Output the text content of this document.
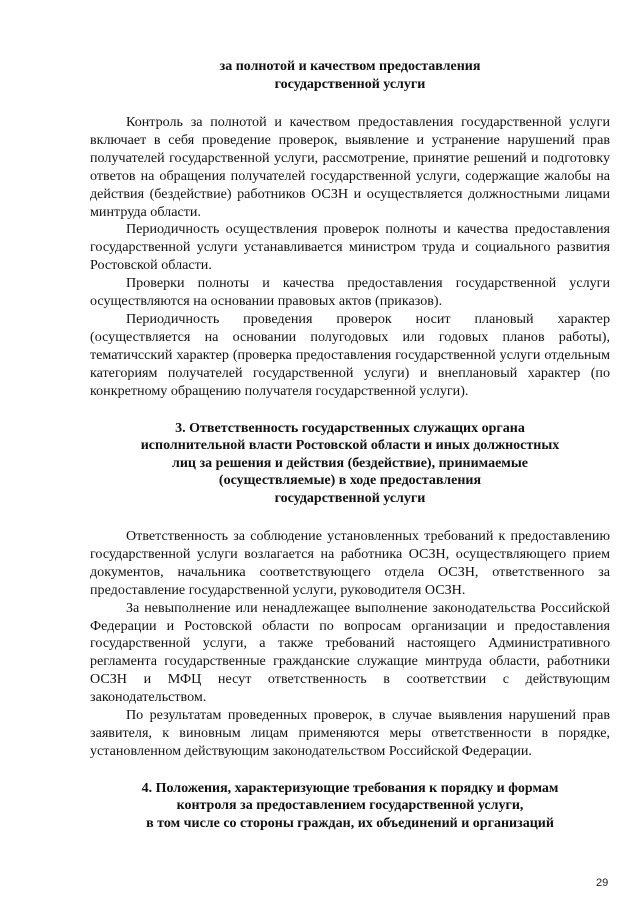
за полнотой и качеством предоставления
государственной услуги

Контроль за полнотой и качеством предоставления государственной услуги включает в себя проведение проверок, выявление и устранение нарушений прав получателей государственной услуги, рассмотрение, принятие решений и подготовку ответов на обращения получателей государственной услуги, содержащие жалобы на действия (бездействие) работников ОСЗН и осуществляется должностными лицами минтруда области.

Периодичность осуществления проверок полноты и качества предоставления государственной услуги устанавливается министром труда и социального развития Ростовской области.

Проверки полноты и качества предоставления государственной услуги осуществляются на основании правовых актов (приказов).

Периодичность проведения проверок носит плановый характер (осуществляется на основании полугодовых или годовых планов работы), тематичсский характер (проверка предоставления государственной услуги отдельным категориям получателей государственной услуги) и внеплановый характер (по конкретному обращению получателя государственной услуги).

3. Ответственность государственных служащих органа
исполнительной власти Ростовской области и иных должностных
лиц за решения и действия (бездействие), принимаемые
(осуществляемые) в ходе предоставления
государственной услуги

Ответственность за соблюдение установленных требований к предоставлению государственной услуги возлагается на работника ОСЗН, осуществляющего прием документов, начальника соответствующего отдела ОСЗН, ответственного за предоставление государственной услуги, руководителя ОСЗН.

За невыполнение или ненадлежащее выполнение законодательства Российской Федерации и Ростовской области по вопросам организации и предоставления государственной услуги, а также требований настоящего Административного регламента государственные гражданские служащие минтруда области, работники ОСЗН и МФЦ несут ответственность в соответствии с действующим законодательством.

По результатам проведенных проверок, в случае выявления нарушений прав заявителя, к виновным лицам применяются меры ответственности в порядке, установленном действующим законодательством Российской Федерации.

4. Положения, характеризующие требования к порядку и формам
контроля за предоставлением государственной услуги,
в том числе со стороны граждан, их объединений и организаций
29
